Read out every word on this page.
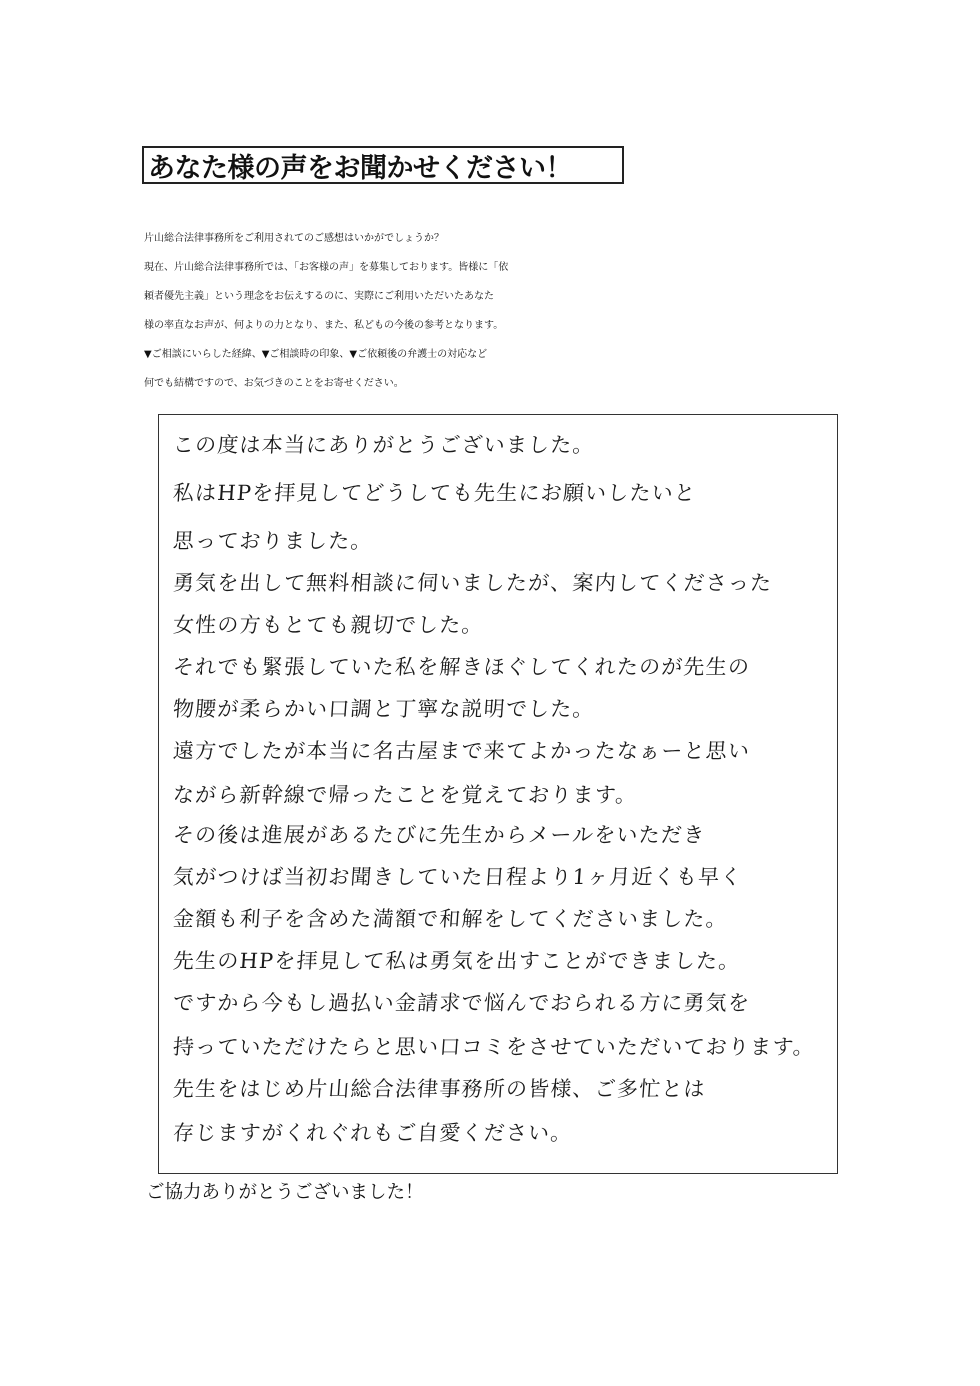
あなた様の声をお聞かせください！
片山総合法律事務所をご利用されてのご感想はいかがでしょうか？
現在、片山総合法律事務所では、「お客様の声」を募集しております。皆様に「依
頼者優先主義」という理念をお伝えするのに、実際にご利用いただいたあなた
様の率直なお声が、何よりの力となり、また、私どもの今後の参考となります。
▼ご相談にいらした経緯、▼ご相談時の印象、▼ご依頼後の弁護士の対応など
何でも結構ですので、お気づきのことをお寄せください。
この度は本当にありがとうございました。
私はHPを拝見してどうしても先生にお願いしたいと
思っておりました。
勇気を出して無料相談に伺いましたが、案内してくださった
女性の方もとても親切でした。
それでも緊張していた私を解きほぐしてくれたのが先生の
物腰が柔らかい口調と丁寧な説明でした。
遠方でしたが本当に名古屋まで来てよかったなぁーと思い
ながら新幹線で帰ったことを覚えております。
その後は進展があるたびに先生からメールをいただき
気がつけば当初お聞きしていた日程より1ヶ月近くも早く
金額も利子を含めた満額で和解をしてくださいました。
先生のHPを拝見して私は勇気を出すことができました。
ですから今もし過払い金請求で悩んでおられる方に勇気を
持っていただけたらと思い口コミをさせていただいております。
先生をはじめ片山総合法律事務所の皆様、ご多忙とは
存じますがくれぐれもご自愛ください。
ご協力ありがとうございました！
